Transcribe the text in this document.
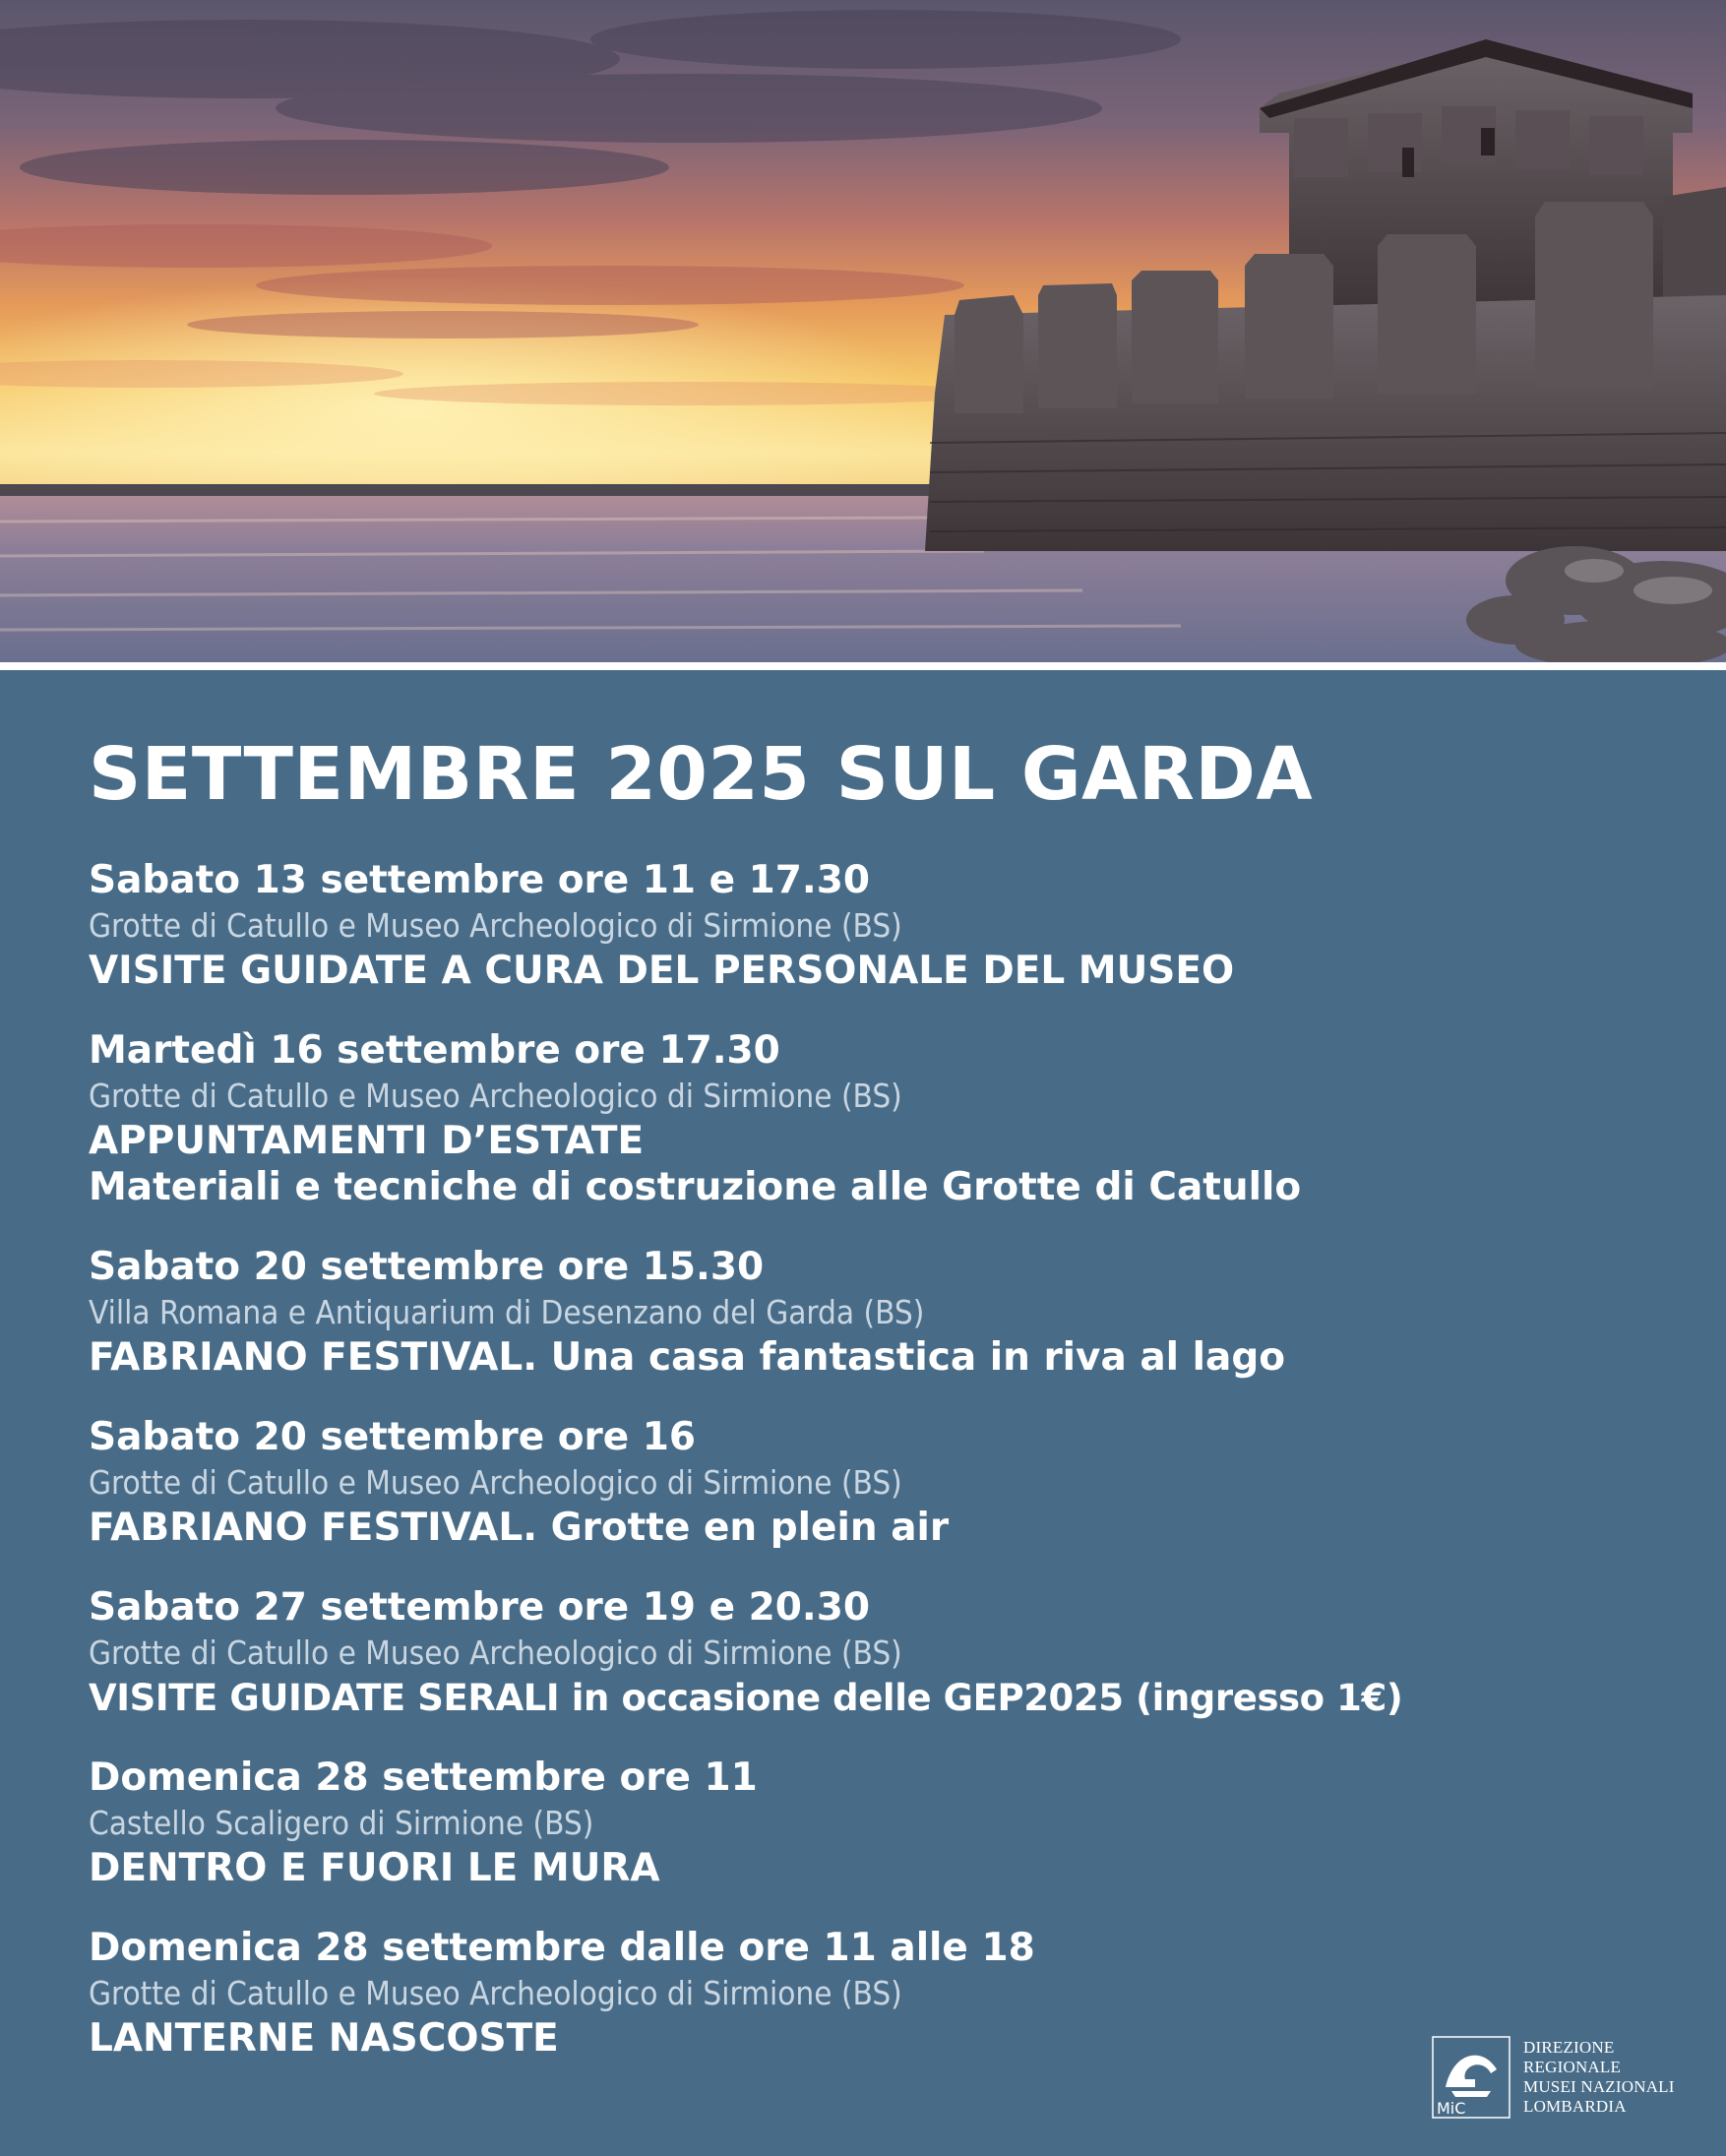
SETTEMBRE 2025 SUL GARDA
Sabato 13 settembre ore 11 e 17.30
Grotte di Catullo e Museo Archeologico di Sirmione (BS)
VISITE GUIDATE A CURA DEL PERSONALE DEL MUSEO
Martedì 16 settembre ore 17.30
Grotte di Catullo e Museo Archeologico di Sirmione (BS)
APPUNTAMENTI D’ESTATE
Materiali e tecniche di costruzione alle Grotte di Catullo
Sabato 20 settembre ore 15.30
Villa Romana e Antiquarium di Desenzano del Garda (BS)
FABRIANO FESTIVAL. Una casa fantastica in riva al lago
Sabato 20 settembre ore 16
Grotte di Catullo e Museo Archeologico di Sirmione (BS)
FABRIANO FESTIVAL. Grotte en plein air
Sabato 27 settembre ore 19 e 20.30
Grotte di Catullo e Museo Archeologico di Sirmione (BS)
VISITE GUIDATE SERALI in occasione delle GEP2025 (ingresso 1€)
Domenica 28 settembre ore 11
Castello Scaligero di Sirmione (BS)
DENTRO E FUORI LE MURA
Domenica 28 settembre dalle ore 11 alle 18
Grotte di Catullo e Museo Archeologico di Sirmione (BS)
LANTERNE NASCOSTE
MiC
DIREZIONE
REGIONALE
MUSEI NAZIONALI
LOMBARDIA
